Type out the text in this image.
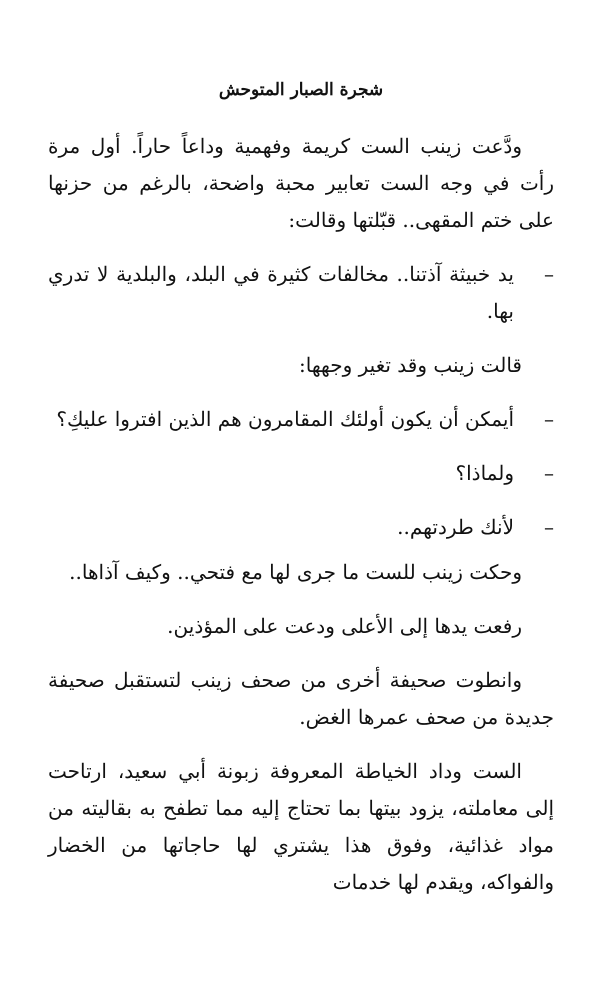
شجرة الصبار المتوحش

ودَّعت زينب الست كريمة وفهمية وداعاً حاراً. أول مرة رأت في وجه الست تعابير محبة واضحة، بالرغم من حزنها على ختم المقهى.. قبّلتها وقالت:

–
يد خبيثة آذتنا.. مخالفات كثيرة في البلد، والبلدية لا تدري بها.

قالت زينب وقد تغير وجهها:

–
أيمكن أن يكون أولئك المقامرون هم الذين افتروا عليكِ؟

–
ولماذا؟

–
لأنك طردتهم..

وحكت زينب للست ما جرى لها مع فتحي.. وكيف آذاها..

رفعت يدها إلى الأعلى ودعت على المؤذين.

وانطوت صحيفة أخرى من صحف زينب لتستقبل صحيفة جديدة من صحف عمرها الغض.

الست وداد الخياطة المعروفة زبونة أبي سعيد، ارتاحت إلى معاملته، يزود بيتها بما تحتاج إليه مما تطفح به بقاليته من مواد غذائية، وفوق هذا يشتري لها حاجاتها من الخضار والفواكه، ويقدم لها خدمات
